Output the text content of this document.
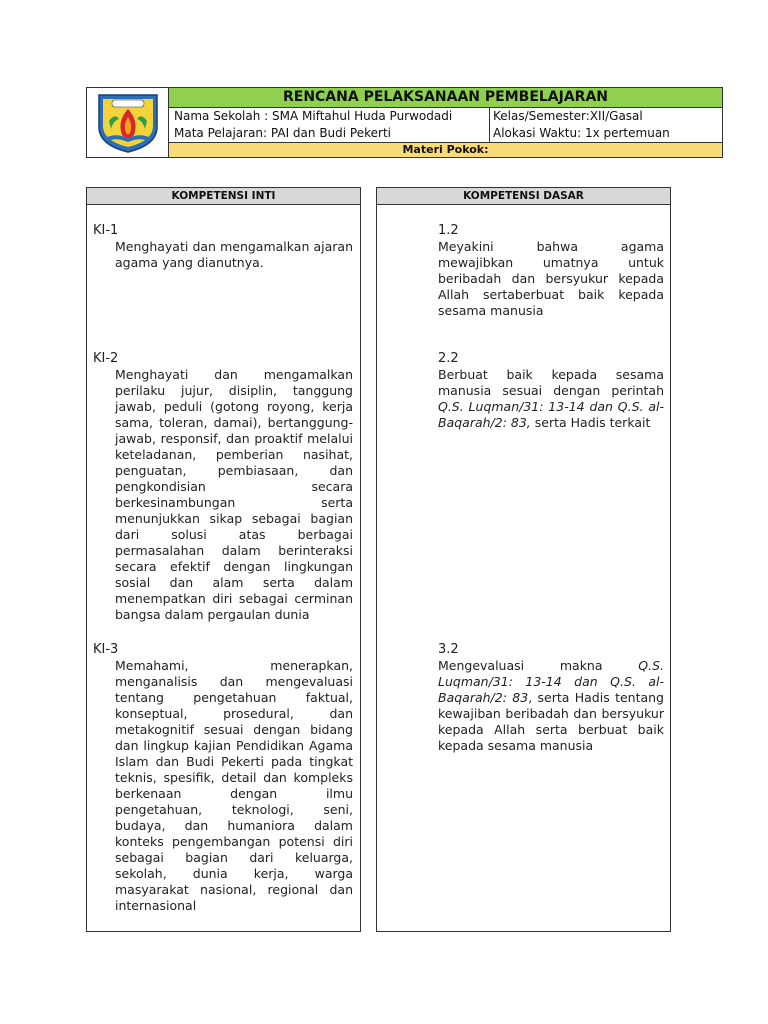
RENCANA PELAKSANAAN PEMBELAJARAN
Nama Sekolah : SMA Miftahul Huda Purwodadi	Kelas/Semester:XII/Gasal
Mata Pelajaran: PAI dan Budi Pekerti	Alokasi Waktu: 1x pertemuan
Materi Pokok:
KOMPETENSI INTI
KI-1
Menghayati dan mengamalkan ajaran agama yang dianutnya.
KI-2
Menghayati dan mengamalkan perilaku jujur, disiplin, tanggung jawab, peduli (gotong royong, kerja sama, toleran, damai), bertanggung-jawab, responsif, dan proaktif melalui keteladanan, pemberian nasihat, penguatan, pembiasaan, dan pengkondisian secara berkesinambungan serta menunjukkan sikap sebagai bagian dari solusi atas berbagai permasalahan dalam berinteraksi secara efektif dengan lingkungan sosial dan alam serta dalam menempatkan diri sebagai cerminan bangsa dalam pergaulan dunia
KI-3
Memahami, menerapkan, menganalisis dan mengevaluasi tentang pengetahuan faktual, konseptual, prosedural, dan metakognitif sesuai dengan bidang dan lingkup kajian Pendidikan Agama Islam dan Budi Pekerti pada tingkat teknis, spesifik, detail dan kompleks berkenaan dengan ilmu pengetahuan, teknologi, seni, budaya, dan humaniora dalam konteks pengembangan potensi diri sebagai bagian dari keluarga, sekolah, dunia kerja, warga masyarakat nasional, regional dan internasional
KOMPETENSI DASAR
1.2
Meyakini bahwa agama mewajibkan umatnya untuk beribadah dan bersyukur kepada Allah sertaberbuat baik kepada sesama manusia
2.2
Berbuat baik kepada sesama manusia sesuai dengan perintah Q.S. Luqman/31: 13-14 dan Q.S. al-Baqarah/2: 83, serta Hadis terkait
3.2
Mengevaluasi makna Q.S. Luqman/31: 13-14 dan Q.S. al-Baqarah/2: 83, serta Hadis tentang kewajiban beribadah dan bersyukur kepada Allah serta berbuat baik kepada sesama manusia
